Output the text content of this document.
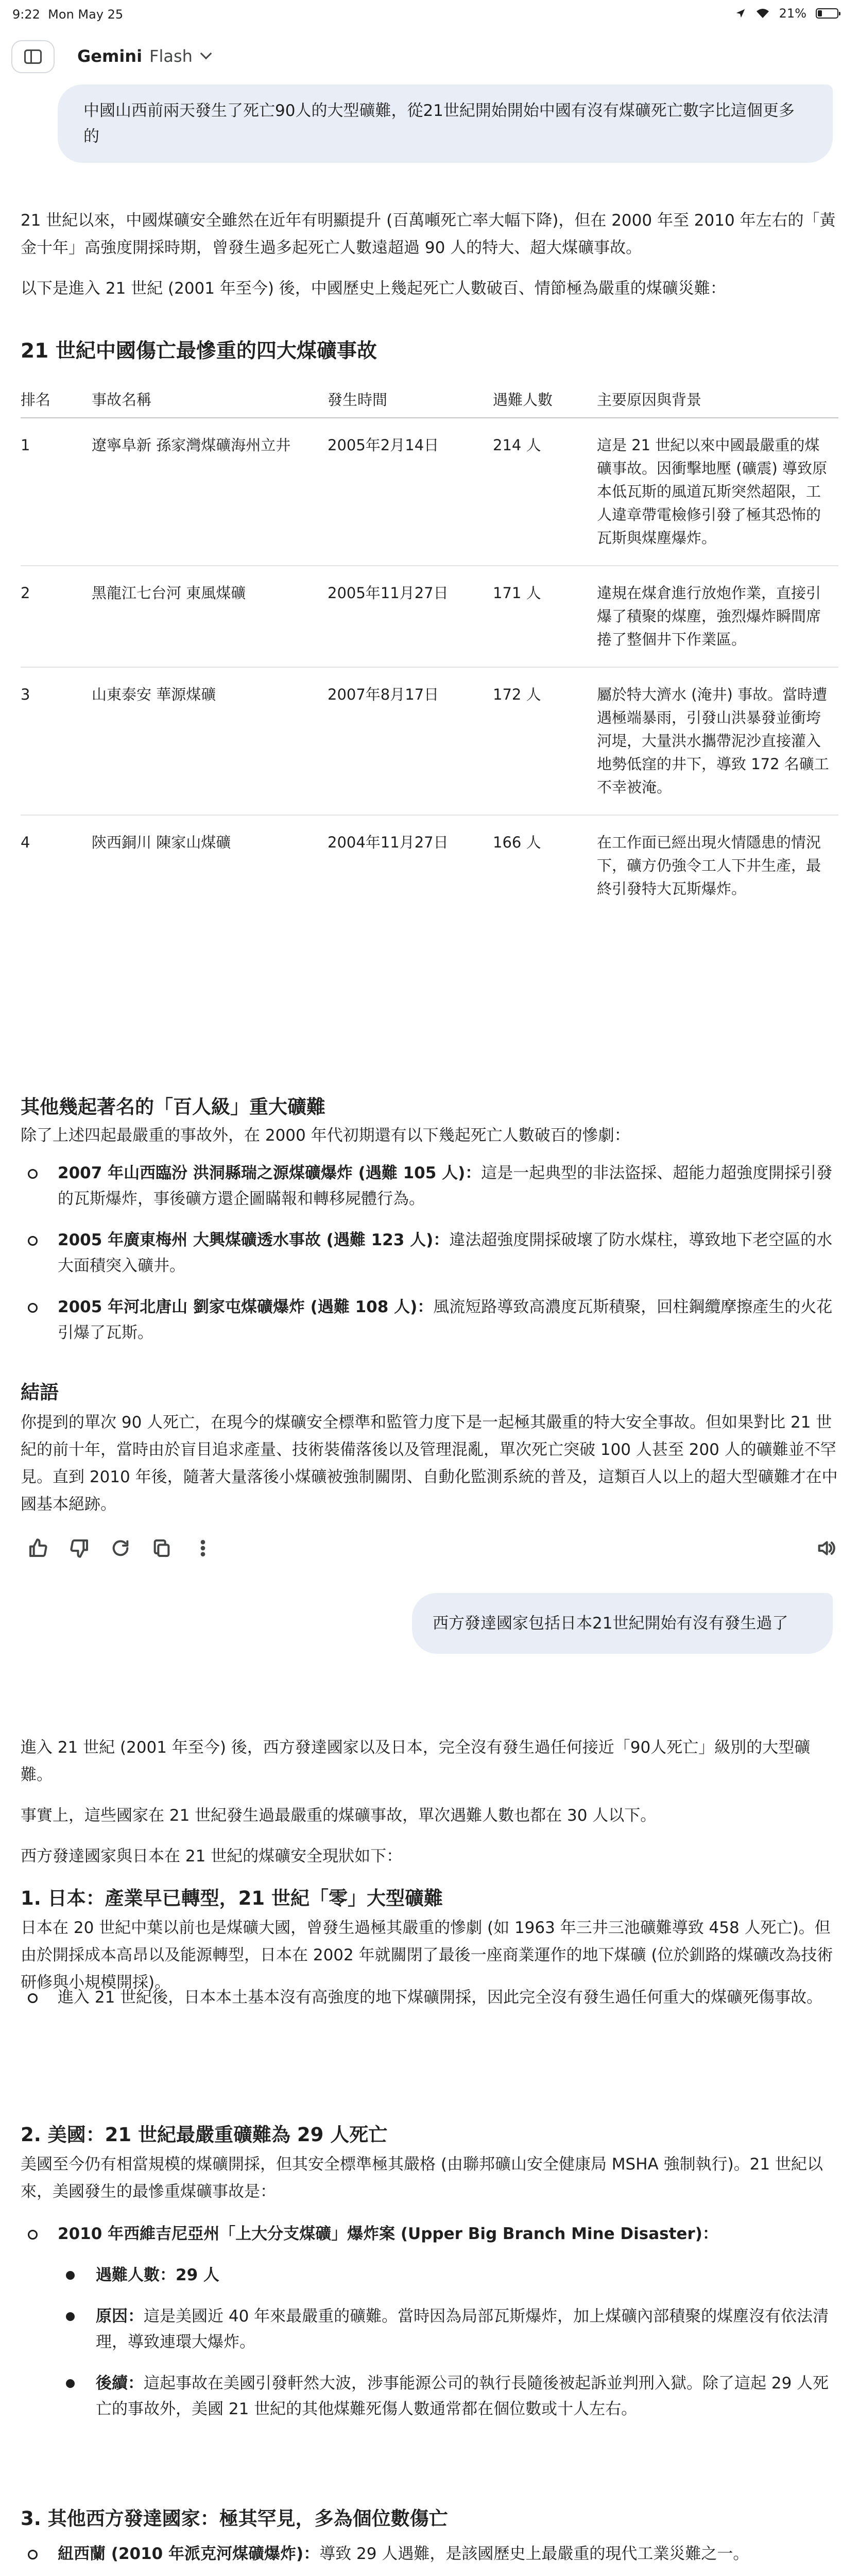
9:22 Mon May 25	21%
Gemini Flash
中國山西前兩天發生了死亡90人的大型礦難，從21世紀開始開始中國有沒有煤礦死亡數字比這個更多的

21 世紀以來，中國煤礦安全雖然在近年有明顯提升 (百萬噸死亡率大幅下降)，但在 2000 年至 2010 年左右的「黃金十年」高強度開採時期，曾發生過多起死亡人數遠超過 90 人的特大、超大煤礦事故。

以下是進入 21 世紀 (2001 年至今) 後，中國歷史上幾起死亡人數破百、情節極為嚴重的煤礦災難：

21 世紀中國傷亡最慘重的四大煤礦事故
排名	事故名稱	發生時間	遇難人數	主要原因與背景
1	遼寧阜新 孫家灣煤礦海州立井	2005年2月14日	214 人	這是 21 世紀以來中國最嚴重的煤礦事故。因衝擊地壓 (礦震) 導致原本低瓦斯的風道瓦斯突然超限，工人違章帶電檢修引發了極其恐怖的瓦斯與煤塵爆炸。
2	黑龍江七台河 東風煤礦	2005年11月27日	171 人	違規在煤倉進行放炮作業，直接引爆了積聚的煤塵，強烈爆炸瞬間席捲了整個井下作業區。
3	山東泰安 華源煤礦	2007年8月17日	172 人	屬於特大濟水 (淹井) 事故。當時遭遇極端暴雨，引發山洪暴發並衝垮河堤，大量洪水攜帶泥沙直接灌入地勢低窪的井下，導致 172 名礦工不幸被淹。
4	陝西銅川 陳家山煤礦	2004年11月27日	166 人	在工作面已經出現火情隱患的情況下，礦方仍強令工人下井生產，最終引發特大瓦斯爆炸。
其他幾起著名的「百人級」重大礦難

除了上述四起最嚴重的事故外，在 2000 年代初期還有以下幾起死亡人數破百的慘劇：

2007 年山西臨汾 洪洞縣瑞之源煤礦爆炸 (遇難 105 人)：這是一起典型的非法盜採、超能力超強度開採引發的瓦斯爆炸，事後礦方還企圖瞞報和轉移屍體行為。
2005 年廣東梅州 大興煤礦透水事故 (遇難 123 人)：違法超強度開採破壞了防水煤柱，導致地下老空區的水大面積突入礦井。
2005 年河北唐山 劉家屯煤礦爆炸 (遇難 108 人)：風流短路導致高濃度瓦斯積聚，回柱鋼纜摩擦產生的火花引爆了瓦斯。
結語

你提到的單次 90 人死亡，在現今的煤礦安全標準和監管力度下是一起極其嚴重的特大安全事故。但如果對比 21 世紀的前十年，當時由於盲目追求產量、技術裝備落後以及管理混亂，單次死亡突破 100 人甚至 200 人的礦難並不罕見。直到 2010 年後，隨著大量落後小煤礦被強制關閉、自動化監測系統的普及，這類百人以上的超大型礦難才在中國基本絕跡。

西方發達國家包括日本21世紀開始有沒有發生過了

進入 21 世紀 (2001 年至今) 後，西方發達國家以及日本，完全沒有發生過任何接近「90人死亡」級別的大型礦難。

事實上，這些國家在 21 世紀發生過最嚴重的煤礦事故，單次遇難人數也都在 30 人以下。

西方發達國家與日本在 21 世紀的煤礦安全現狀如下：

1. 日本：產業早已轉型，21 世紀「零」大型礦難

日本在 20 世紀中葉以前也是煤礦大國，曾發生過極其嚴重的慘劇 (如 1963 年三井三池礦難導致 458 人死亡)。但由於開採成本高昂以及能源轉型，日本在 2002 年就關閉了最後一座商業運作的地下煤礦 (位於釧路的煤礦改為技術研修與小規模開採)。

進入 21 世紀後，日本本土基本沒有高強度的地下煤礦開採，因此完全沒有發生過任何重大的煤礦死傷事故。
2. 美國：21 世紀最嚴重礦難為 29 人死亡

美國至今仍有相當規模的煤礦開採，但其安全標準極其嚴格 (由聯邦礦山安全健康局 MSHA 強制執行)。21 世紀以來，美國發生的最慘重煤礦事故是：

2010 年西維吉尼亞州「上大分支煤礦」爆炸案 (Upper Big Branch Mine Disaster)：
遇難人數：29 人
原因：這是美國近 40 年來最嚴重的礦難。當時因為局部瓦斯爆炸，加上煤礦內部積聚的煤塵沒有依法清理，導致連環大爆炸。
後續：這起事故在美國引發軒然大波，涉事能源公司的執行長隨後被起訴並判刑入獄。除了這起 29 人死亡的事故外，美國 21 世紀的其他煤難死傷人數通常都在個位數或十人左右。
3. 其他西方發達國家：極其罕見，多為個位數傷亡
紐西蘭 (2010 年派克河煤礦爆炸)：導致 29 人遇難，是該國歷史上最嚴重的現代工業災難之一。
